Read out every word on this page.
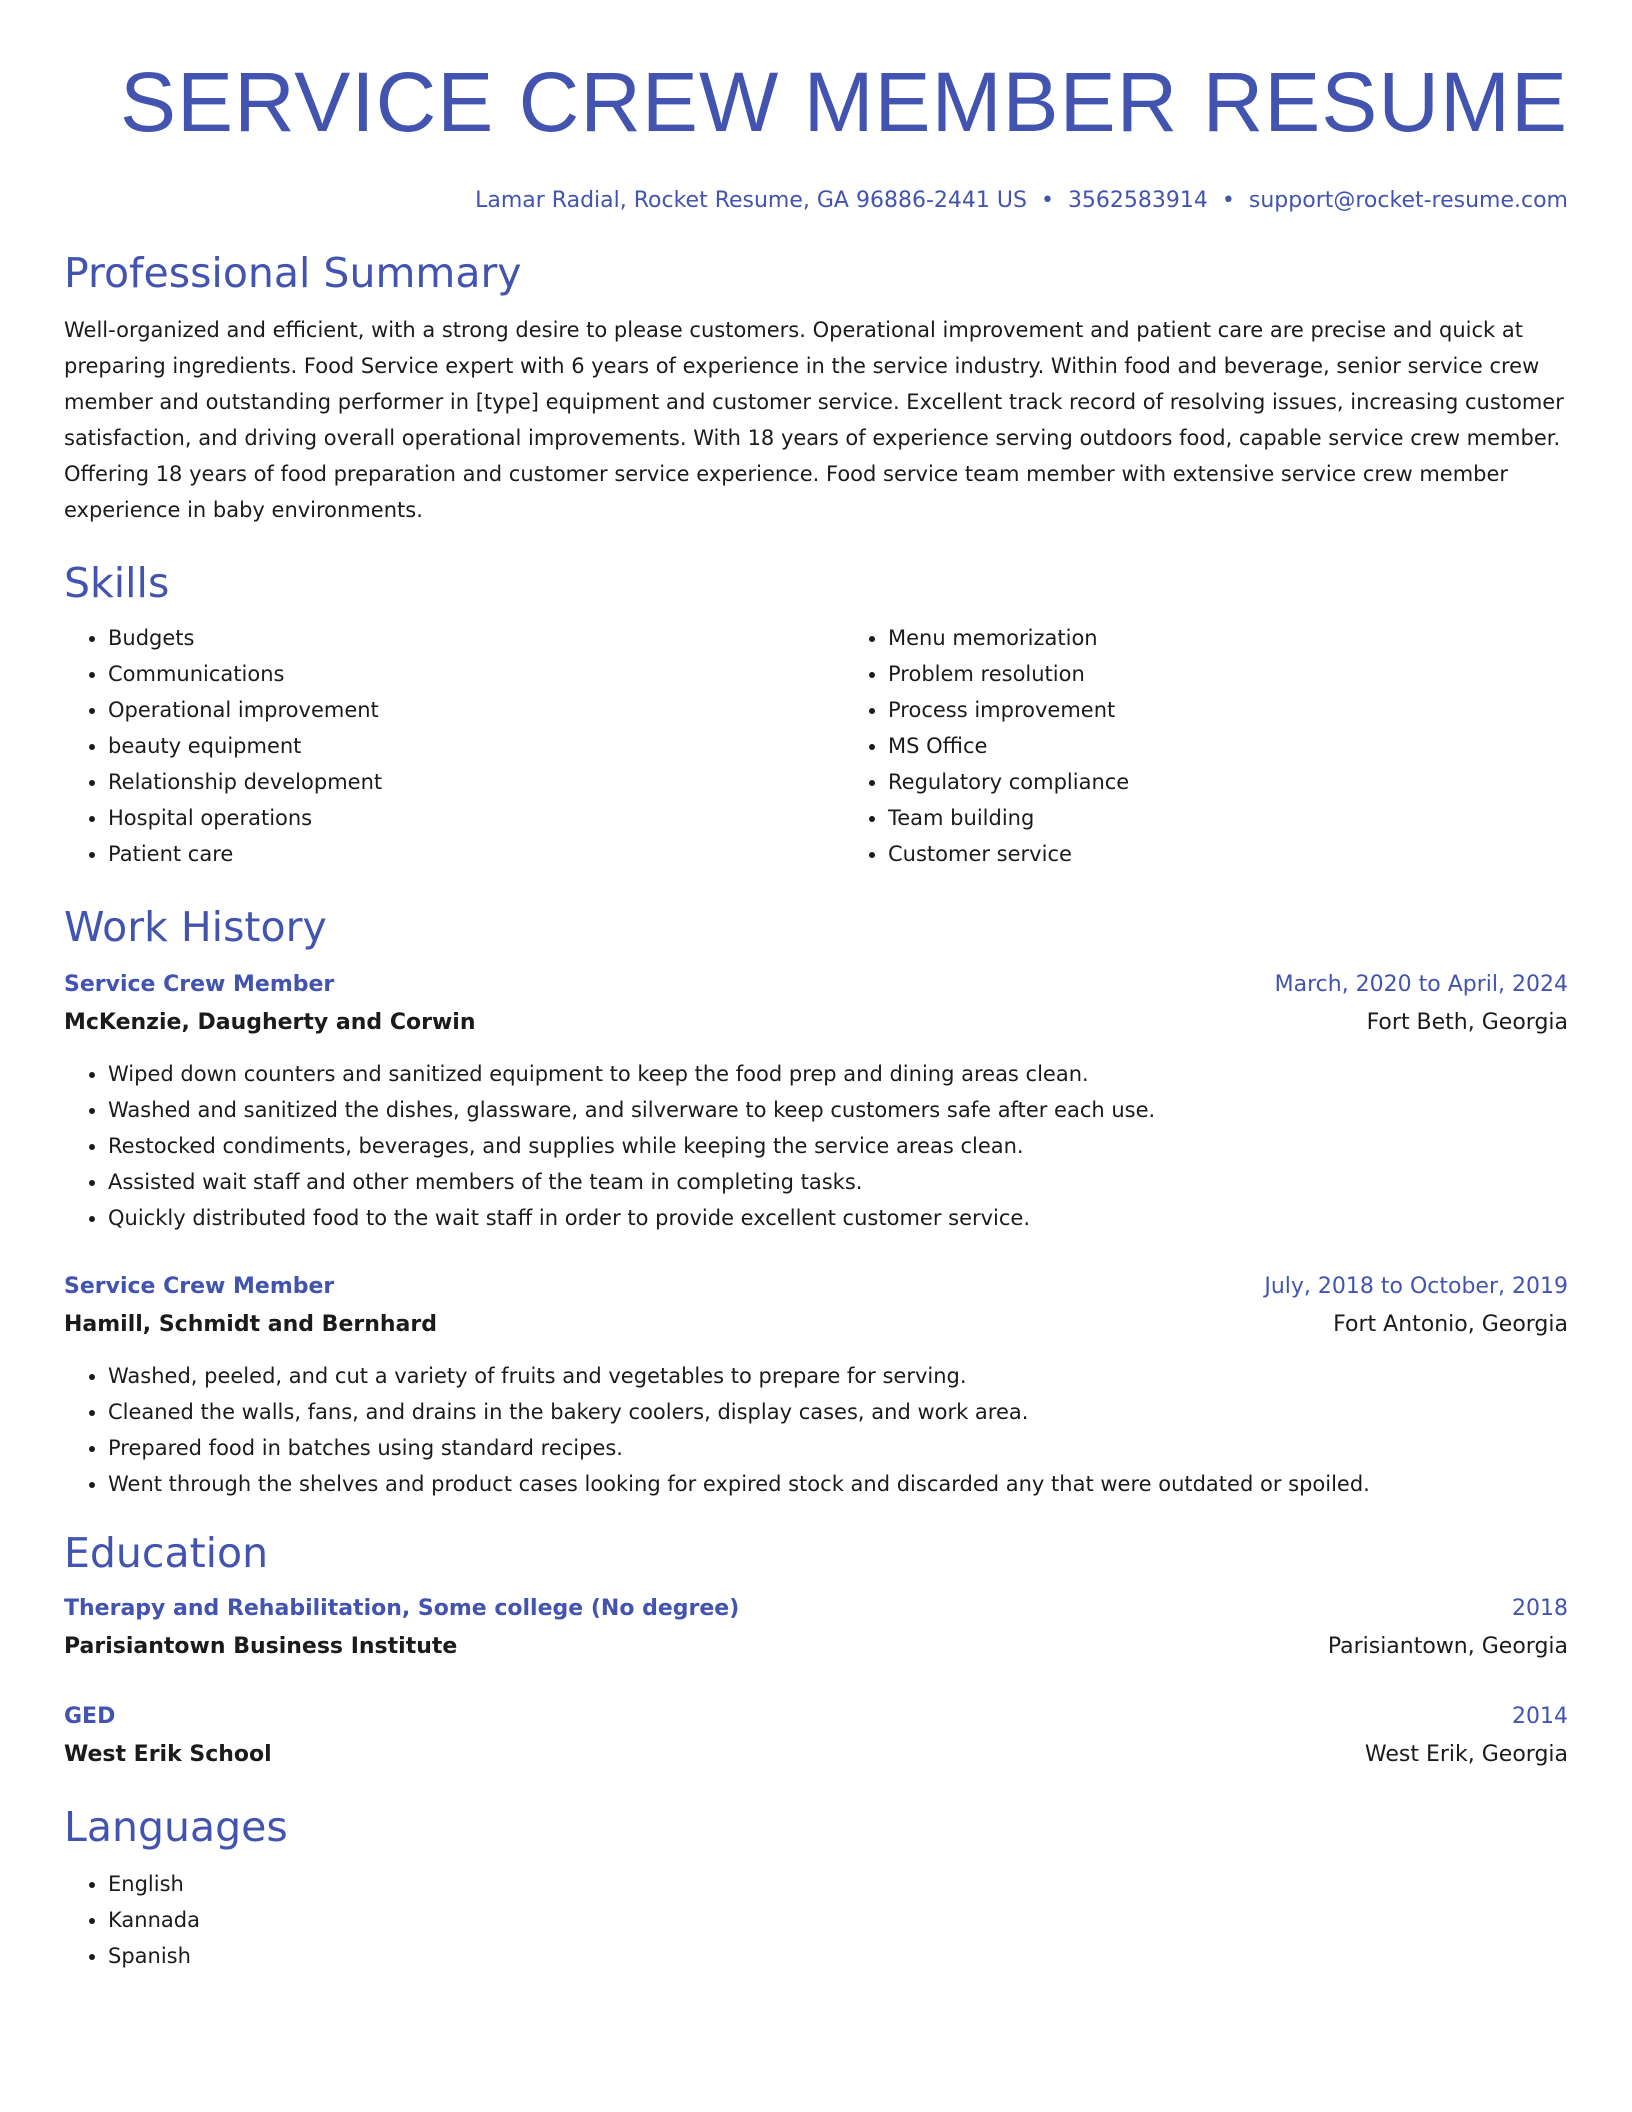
SERVICE CREW MEMBER RESUME
Lamar Radial, Rocket Resume, GA 96886-2441 US • 3562583914 • support@rocket-resume.com
Professional Summary

Well-organized and efficient, with a strong desire to please customers. Operational improvement and patient care are precise and quick at preparing ingredients. Food Service expert with 6 years of experience in the service industry. Within food and beverage, senior service crew member and outstanding performer in [type] equipment and customer service. Excellent track record of resolving issues, increasing customer satisfaction, and driving overall operational improvements. With 18 years of experience serving outdoors food, capable service crew member. Offering 18 years of food preparation and customer service experience. Food service team member with extensive service crew member experience in baby environments.

Skills
• Budgets
• Communications
• Operational improvement
• beauty equipment
• Relationship development
• Hospital operations
• Patient care
• Menu memorization
• Problem resolution
• Process improvement
• MS Office
• Regulatory compliance
• Team building
• Customer service
Work History
Service Crew Member	March, 2020 to April, 2024
McKenzie, Daugherty and Corwin	Fort Beth, Georgia
• Wiped down counters and sanitized equipment to keep the food prep and dining areas clean.
• Washed and sanitized the dishes, glassware, and silverware to keep customers safe after each use.
• Restocked condiments, beverages, and supplies while keeping the service areas clean.
• Assisted wait staff and other members of the team in completing tasks.
• Quickly distributed food to the wait staff in order to provide excellent customer service.
Service Crew Member	July, 2018 to October, 2019
Hamill, Schmidt and Bernhard	Fort Antonio, Georgia
• Washed, peeled, and cut a variety of fruits and vegetables to prepare for serving.
• Cleaned the walls, fans, and drains in the bakery coolers, display cases, and work area.
• Prepared food in batches using standard recipes.
• Went through the shelves and product cases looking for expired stock and discarded any that were outdated or spoiled.
Education
Therapy and Rehabilitation, Some college (No degree)	2018
Parisiantown Business Institute	Parisiantown, Georgia
GED	2014
West Erik School	West Erik, Georgia
Languages
• English
• Kannada
• Spanish
